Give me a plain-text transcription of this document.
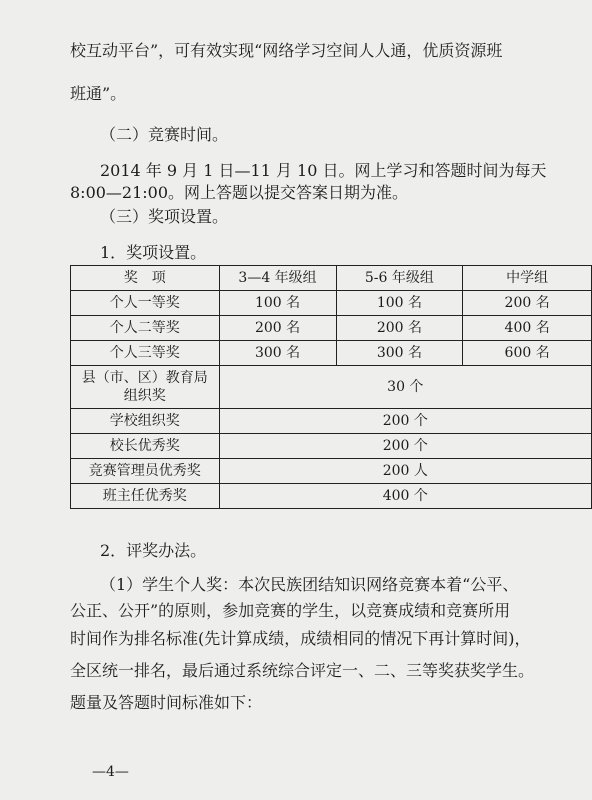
校互动平台”，可有效实现“网络学习空间人人通，优质资源班
班通”。
（二）竞赛时间。
2014 年 9 月 1 日—11 月 10 日。网上学习和答题时间为每天
8:00—21:00。网上答题以提交答案日期为准。
（三）奖项设置。
1．奖项设置。
奖　项	3—4 年级组	5-6 年级组	中学组
个人一等奖	100 名	100 名	200 名
个人二等奖	200 名	200 名	400 名
个人三等奖	300 名	300 名	600 名

县（市、区）教育局
组织奖	30 个		
学校组织奖	200 个		
校长优秀奖	200 个		
竞赛管理员优秀奖	200 人		
班主任优秀奖	400 个		
2．评奖办法。
（1）学生个人奖：本次民族团结知识网络竞赛本着“公平、
公正、公开”的原则，参加竞赛的学生，以竞赛成绩和竞赛所用
时间作为排名标准(先计算成绩，成绩相同的情况下再计算时间)，
全区统一排名，最后通过系统综合评定一、二、三等奖获奖学生。
题量及答题时间标准如下：
—4—
